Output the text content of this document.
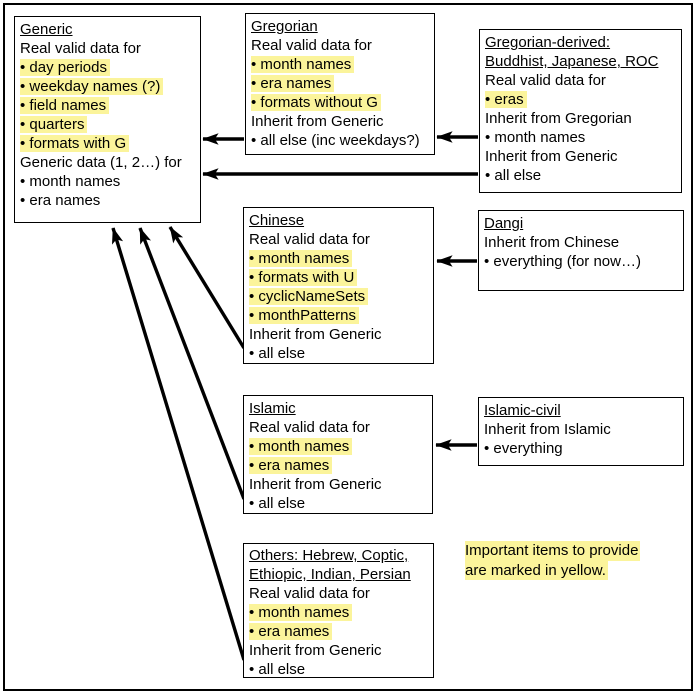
Generic
Real valid data for
• day periods
• weekday names (?)
• field names
• quarters
• formats with G
Generic data (1, 2…) for
• month names
• era names
Gregorian
Real valid data for
• month names
• era names
• formats without G
Inherit from Generic
• all else (inc weekdays?)
Gregorian-derived:
Buddhist, Japanese, ROC
Real valid data for
• eras
Inherit from Gregorian
• month names
Inherit from Generic
• all else
Chinese
Real valid data for
• month names
• formats with U
• cyclicNameSets
• monthPatterns
Inherit from Generic
• all else
Dangi
Inherit from Chinese
• everything (for now…)
Islamic
Real valid data for
• month names
• era names
Inherit from Generic
• all else
Islamic-civil
Inherit from Islamic
• everything
Others: Hebrew, Coptic,
Ethiopic, Indian, Persian
Real valid data for
• month names
• era names
Inherit from Generic
• all else
Important items to provide
are marked in yellow.
